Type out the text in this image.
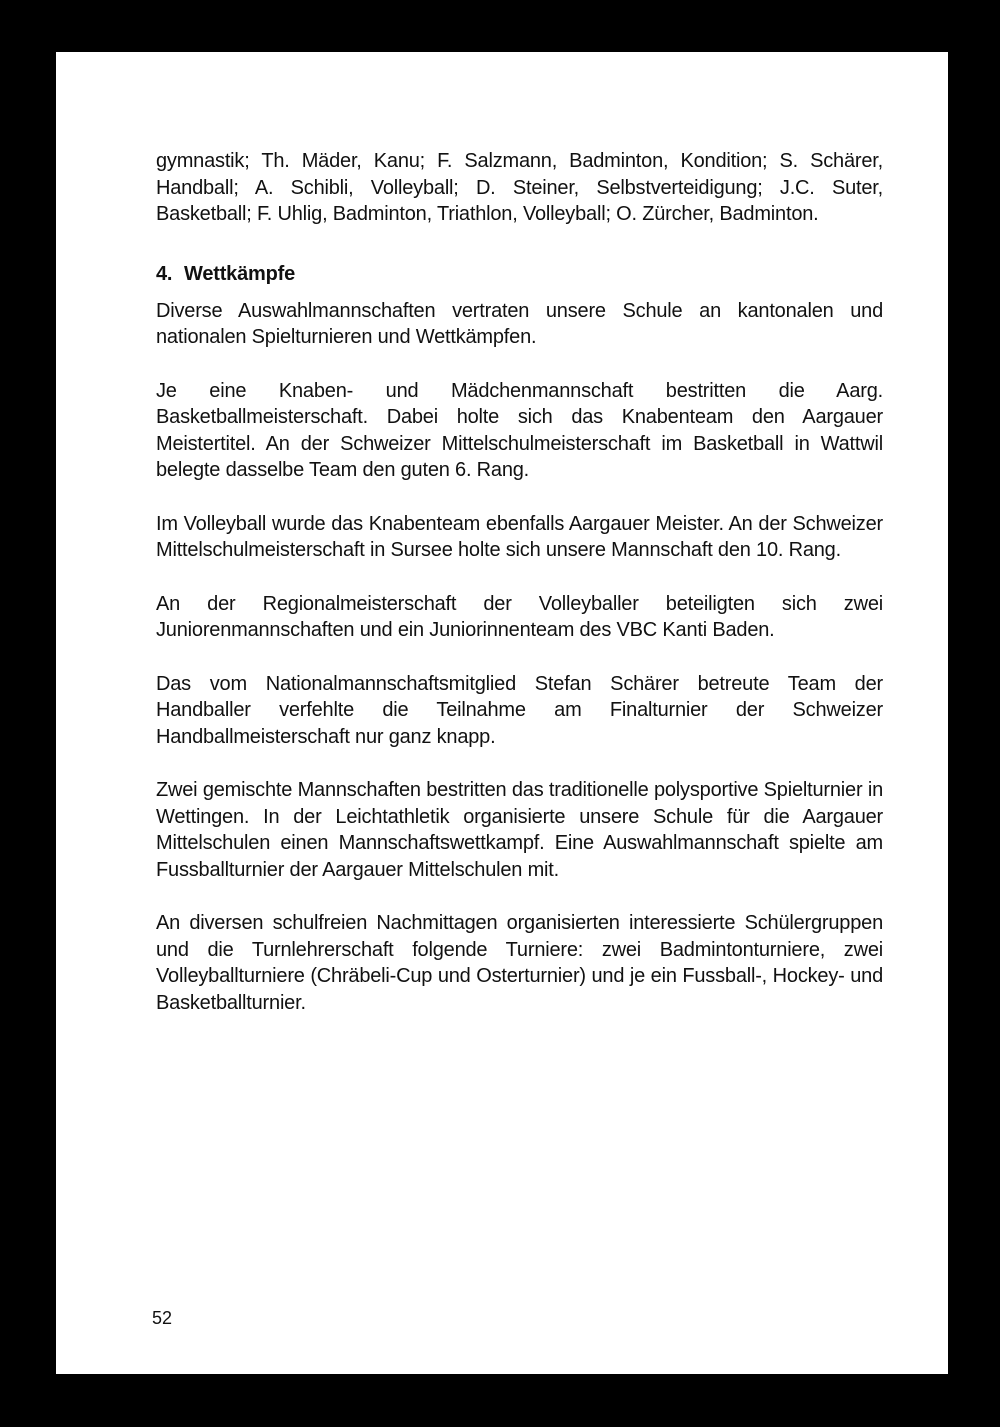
gymnastik; Th. Mäder, Kanu; F. Salzmann, Badminton, Kondition; S. Schärer, Handball; A. Schibli, Volleyball; D. Steiner, Selbstverteidigung; J.C. Suter, Basketball; F. Uhlig, Badminton, Triathlon, Volleyball; O. Zürcher, Badminton.

4. Wettkämpfe

Diverse Auswahlmannschaften vertraten unsere Schule an kantonalen und nationalen Spielturnieren und Wettkämpfen.

Je eine Knaben- und Mädchenmannschaft bestritten die Aarg. Basketballmeisterschaft. Dabei holte sich das Knabenteam den Aargauer Meistertitel. An der Schweizer Mittelschulmeisterschaft im Basketball in Wattwil belegte dasselbe Team den guten 6. Rang.

Im Volleyball wurde das Knabenteam ebenfalls Aargauer Meister. An der Schweizer Mittelschulmeisterschaft in Sursee holte sich unsere Mannschaft den 10. Rang.

An der Regionalmeisterschaft der Volleyballer beteiligten sich zwei Juniorenmannschaften und ein Juniorinnenteam des VBC Kanti Baden.

Das vom Nationalmannschaftsmitglied Stefan Schärer betreute Team der Handballer verfehlte die Teilnahme am Finalturnier der Schweizer Handballmeisterschaft nur ganz knapp.

Zwei gemischte Mannschaften bestritten das traditionelle polysportive Spielturnier in Wettingen. In der Leichtathletik organisierte unsere Schule für die Aargauer Mittelschulen einen Mannschaftswettkampf. Eine Auswahlmannschaft spielte am Fussballturnier der Aargauer Mittelschulen mit.

An diversen schulfreien Nachmittagen organisierten interessierte Schülergruppen und die Turnlehrerschaft folgende Turniere: zwei Badmintonturniere, zwei Volleyballturniere (Chräbeli-Cup und Osterturnier) und je ein Fussball-, Hockey- und Basketballturnier.

52
